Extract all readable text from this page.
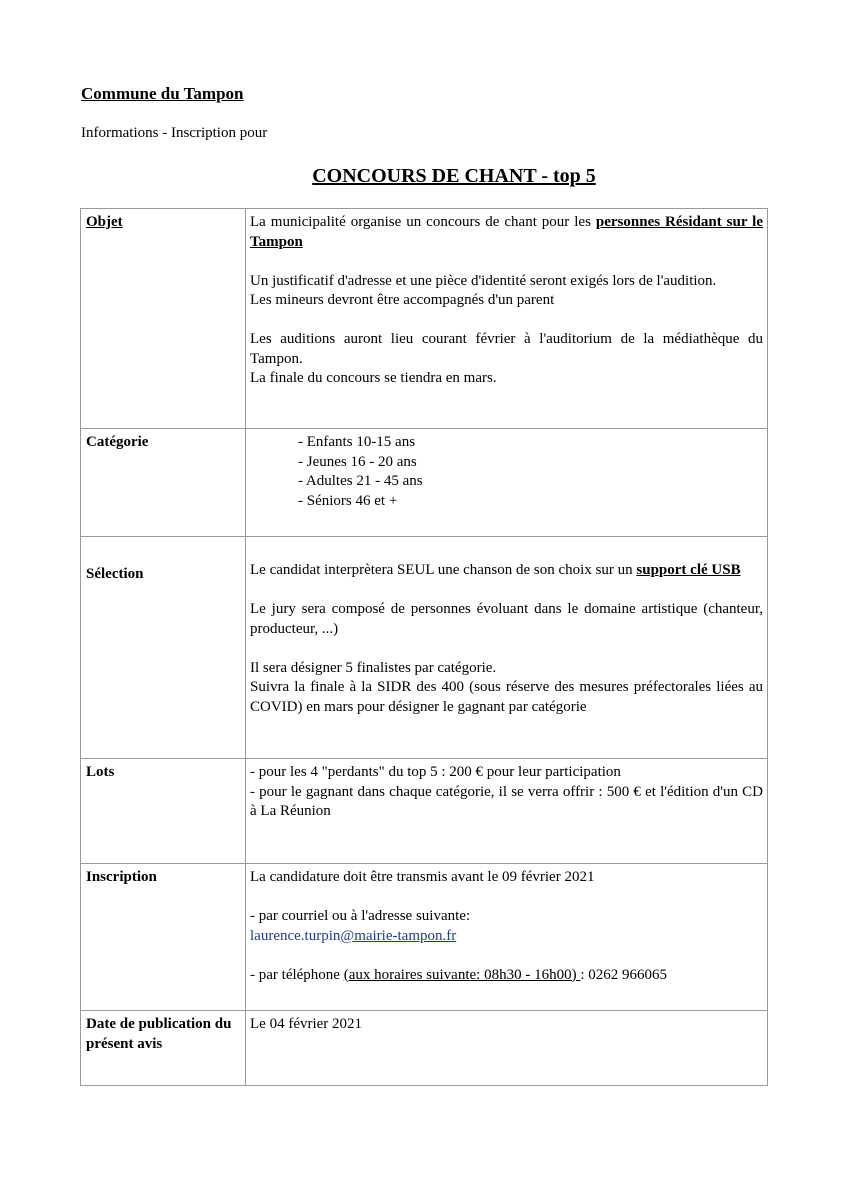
Commune du Tampon
Informations - Inscription pour
CONCOURS DE CHANT - top 5
Objet	La municipalité organise un concours de chant pour les personnes Résidant sur le Tampon

Un justificatif d'adresse et une pièce d'identité seront exigés lors de l'audition.

Les mineurs devront être accompagnés d'un parent

Les auditions auront lieu courant février à l'auditorium de la médiathèque du Tampon.

La finale du concours se tiendra en mars.

Catégorie	- Enfants 10-15 ans

- Jeunes 16 - 20 ans

- Adultes 21 - 45 ans

- Séniors 46 et +

Sélection	Le candidat interprètera SEUL une chanson de son choix sur un support clé USB

Le jury sera composé de personnes évoluant dans le domaine artistique (chanteur, producteur, ...)

Il sera désigner 5 finalistes par catégorie.

Suivra la finale à la SIDR des 400 (sous réserve des mesures préfectorales liées au COVID) en mars pour désigner le gagnant par catégorie

Lots	- pour les 4 "perdants" du top 5 : 200 € pour leur participation

- pour le gagnant dans chaque catégorie, il se verra offrir : 500 € et l'édition d'un CD à La Réunion

Inscription	La candidature doit être transmis avant le 09 février 2021

- par courriel ou à l'adresse suivante:

laurence.turpin@mairie-tampon.fr

- par téléphone (aux horaires suivante: 08h30 - 16h00) : 0262 966065

Date de publication du présent avis	Le 04 février 2021
